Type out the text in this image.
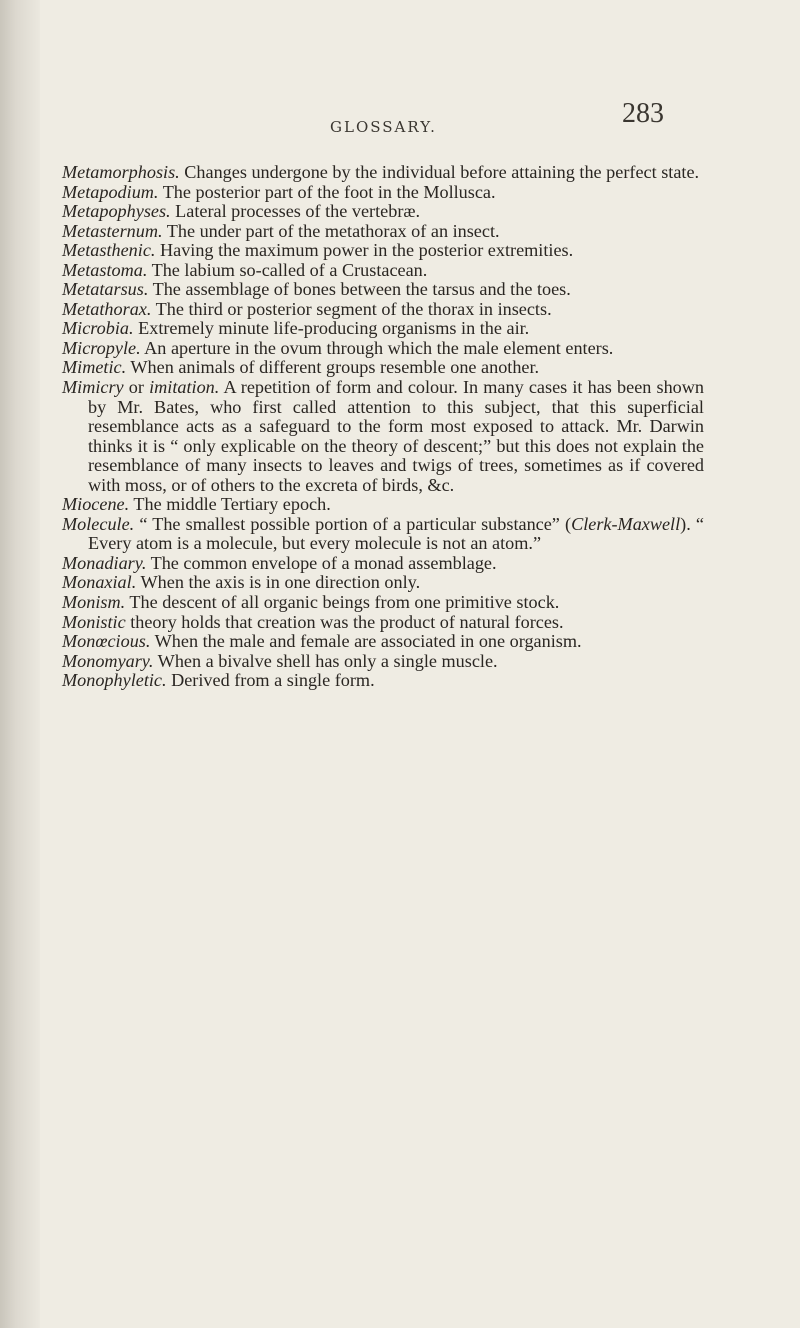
GLOSSARY.	283

Metamorphosis. Changes undergone by the individual before attaining the perfect state.

Metapodium. The posterior part of the foot in the Mollusca.

Metapophyses. Lateral processes of the vertebræ.

Metasternum. The under part of the metathorax of an insect.

Metasthenic. Having the maximum power in the posterior extremities.

Metastoma. The labium so-called of a Crustacean.

Metatarsus. The assemblage of bones between the tarsus and the toes.

Metathorax. The third or posterior segment of the thorax in insects.

Microbia. Extremely minute life-producing organisms in the air.

Micropyle. An aperture in the ovum through which the male element enters.

Mimetic. When animals of different groups resemble one another.

Mimicry or imitation. A repetition of form and colour. In many cases it has been shown by Mr. Bates, who first called attention to this subject, that this superficial resemblance acts as a safeguard to the form most exposed to attack. Mr. Darwin thinks it is “ only explicable on the theory of descent;” but this does not explain the resemblance of many insects to leaves and twigs of trees, sometimes as if covered with moss, or of others to the excreta of birds, &c.

Miocene. The middle Tertiary epoch.

Molecule. “ The smallest possible portion of a particular substance” (Clerk-Maxwell). “ Every atom is a molecule, but every molecule is not an atom.”

Monadiary. The common envelope of a monad assemblage.

Monaxial. When the axis is in one direction only.

Monism. The descent of all organic beings from one primitive stock.

Monistic theory holds that creation was the product of natural forces.

Monœcious. When the male and female are associated in one organism.

Monomyary. When a bivalve shell has only a single muscle.

Monophyletic. Derived from a single form.
